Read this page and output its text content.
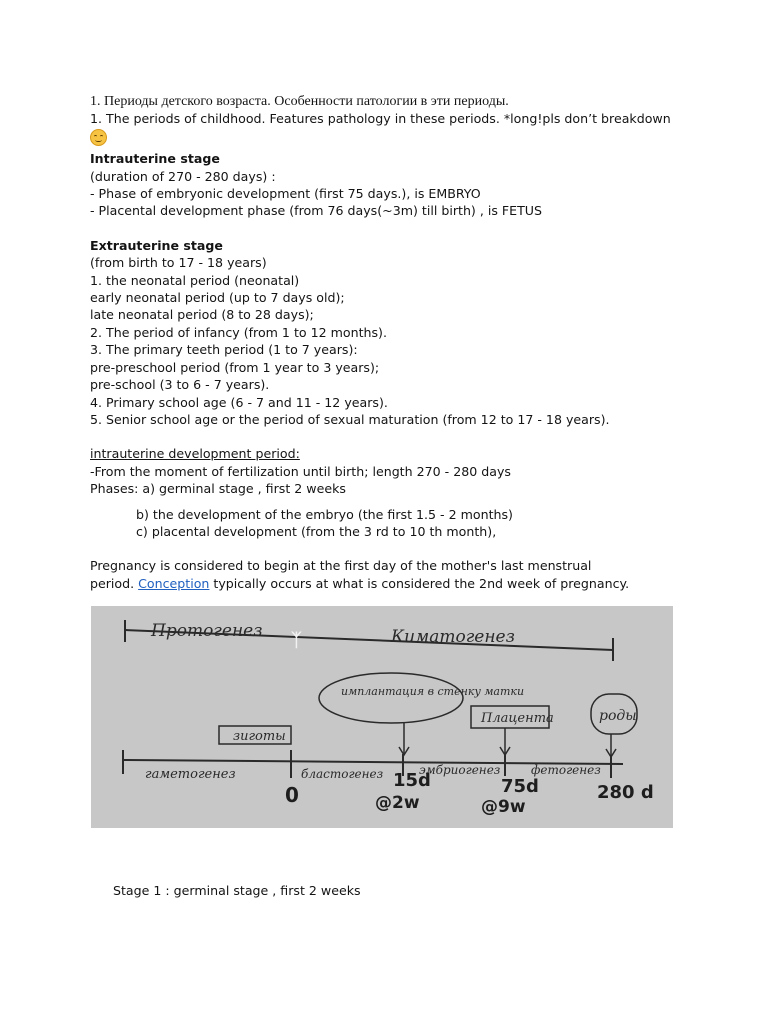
1. Периоды детского возраста. Особенности патологии в эти периоды.
1. The periods of childhood. Features pathology in these periods. *long!pls don’t breakdown
Intrauterine stage
(duration of 270 - 280 days) :
- Phase of embryonic development (first 75 days.), is EMBRYO
- Placental development phase (from 76 days(~3m) till birth) , is FETUS
Extrauterine stage
(from birth to 17 - 18 years)
1. the neonatal period (neonatal)
early neonatal period (up to 7 days old);
late neonatal period (8 to 28 days);
2. The period of infancy (from 1 to 12 months).
3. The primary teeth period (1 to 7 years):
pre-preschool period (from 1 year to 3 years);
pre-school (3 to 6 - 7 years).
4. Primary school age (6 - 7 and 11 - 12 years).
5. Senior school age or the period of sexual maturation (from 12 to 17 - 18 years).
intrauterine development period:
-From the moment of fertilization until birth; length 270 - 280 days
Phases: a) germinal stage , first 2 weeks
b) the development of the embryo (the first 1.5 - 2 months)
c) placental development (from the 3 rd to 10 th month),
Pregnancy is considered to begin at the first day of the mother's last menstrual
period. Conception typically occurs at what is considered the 2nd week of pregnancy.
Протогенез	Киматогенез
ᛉ
имплантация в стенку матки
зиготы
Плацента	роды
гаметогенез	бластогенез	эмбриогенез	фетогенез
0
15d
@2w
75d
@9w
280 d
Stage 1 : germinal stage , first 2 weeks
